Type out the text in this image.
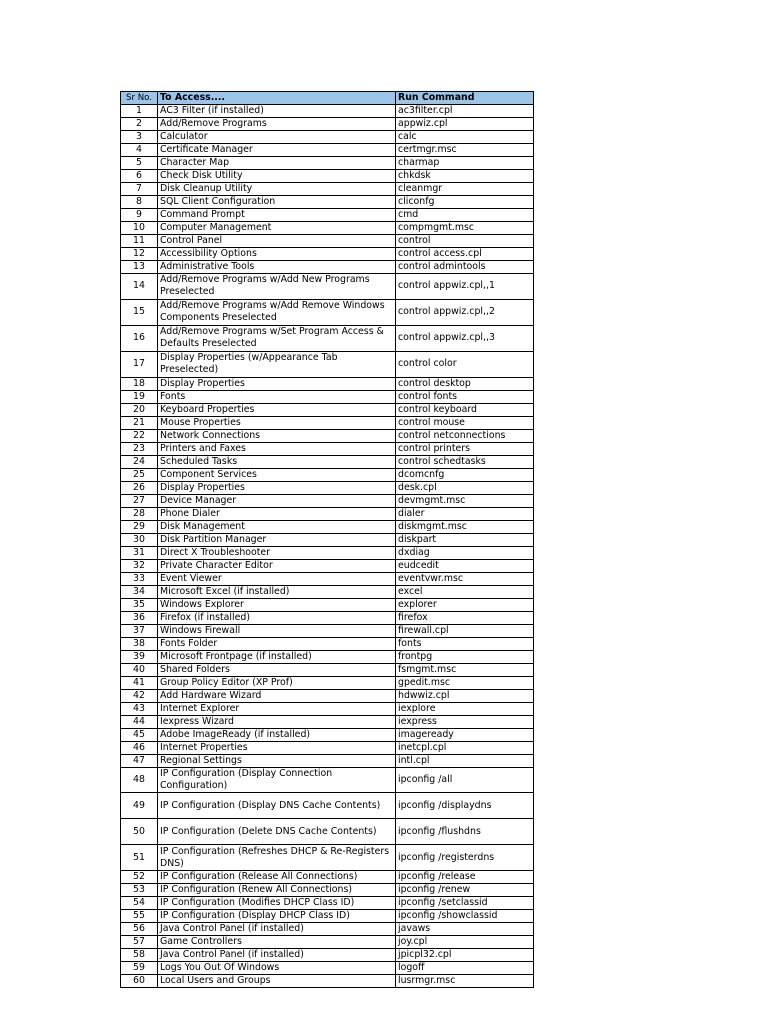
Sr No.	To Access....	Run Command
1	AC3 Filter (if installed)	ac3filter.cpl
2	Add/Remove Programs	appwiz.cpl
3	Calculator	calc
4	Certificate Manager	certmgr.msc
5	Character Map	charmap
6	Check Disk Utility	chkdsk
7	Disk Cleanup Utility	cleanmgr
8	SQL Client Configuration	cliconfg
9	Command Prompt	cmd
10	Computer Management	compmgmt.msc
11	Control Panel	control
12	Accessibility Options	control access.cpl
13	Administrative Tools	control admintools
14	Add/Remove Programs w/Add New Programs Preselected	control appwiz.cpl,,1
15	Add/Remove Programs w/Add Remove Windows Components Preselected	control appwiz.cpl,,2
16	Add/Remove Programs w/Set Program Access & Defaults Preselected	control appwiz.cpl,,3
17	Display Properties (w/Appearance Tab Preselected)	control color
18	Display Properties	control desktop
19	Fonts	control fonts
20	Keyboard Properties	control keyboard
21	Mouse Properties	control mouse
22	Network Connections	control netconnections
23	Printers and Faxes	control printers
24	Scheduled Tasks	control schedtasks
25	Component Services	dcomcnfg
26	Display Properties	desk.cpl
27	Device Manager	devmgmt.msc
28	Phone Dialer	dialer
29	Disk Management	diskmgmt.msc
30	Disk Partition Manager	diskpart
31	Direct X Troubleshooter	dxdiag
32	Private Character Editor	eudcedit
33	Event Viewer	eventvwr.msc
34	Microsoft Excel (if installed)	excel
35	Windows Explorer	explorer
36	Firefox (if installed)	firefox
37	Windows Firewall	firewall.cpl
38	Fonts Folder	fonts
39	Microsoft Frontpage (if installed)	frontpg
40	Shared Folders	fsmgmt.msc
41	Group Policy Editor (XP Prof)	gpedit.msc
42	Add Hardware Wizard	hdwwiz.cpl
43	Internet Explorer	iexplore
44	Iexpress Wizard	iexpress
45	Adobe ImageReady (if installed)	imageready
46	Internet Properties	inetcpl.cpl
47	Regional Settings	intl.cpl
48	IP Configuration (Display Connection Configuration)	ipconfig /all
49	IP Configuration (Display DNS Cache Contents)	ipconfig /displaydns
50	IP Configuration (Delete DNS Cache Contents)	ipconfig /flushdns
51	IP Configuration (Refreshes DHCP & Re-Registers DNS)	ipconfig /registerdns
52	IP Configuration (Release All Connections)	ipconfig /release
53	IP Configuration (Renew All Connections)	ipconfig /renew
54	IP Configuration (Modifies DHCP Class ID)	ipconfig /setclassid
55	IP Configuration (Display DHCP Class ID)	ipconfig /showclassid
56	Java Control Panel (if installed)	javaws
57	Game Controllers	joy.cpl
58	Java Control Panel (if installed)	jpicpl32.cpl
59	Logs You Out Of Windows	logoff
60	Local Users and Groups	lusrmgr.msc
